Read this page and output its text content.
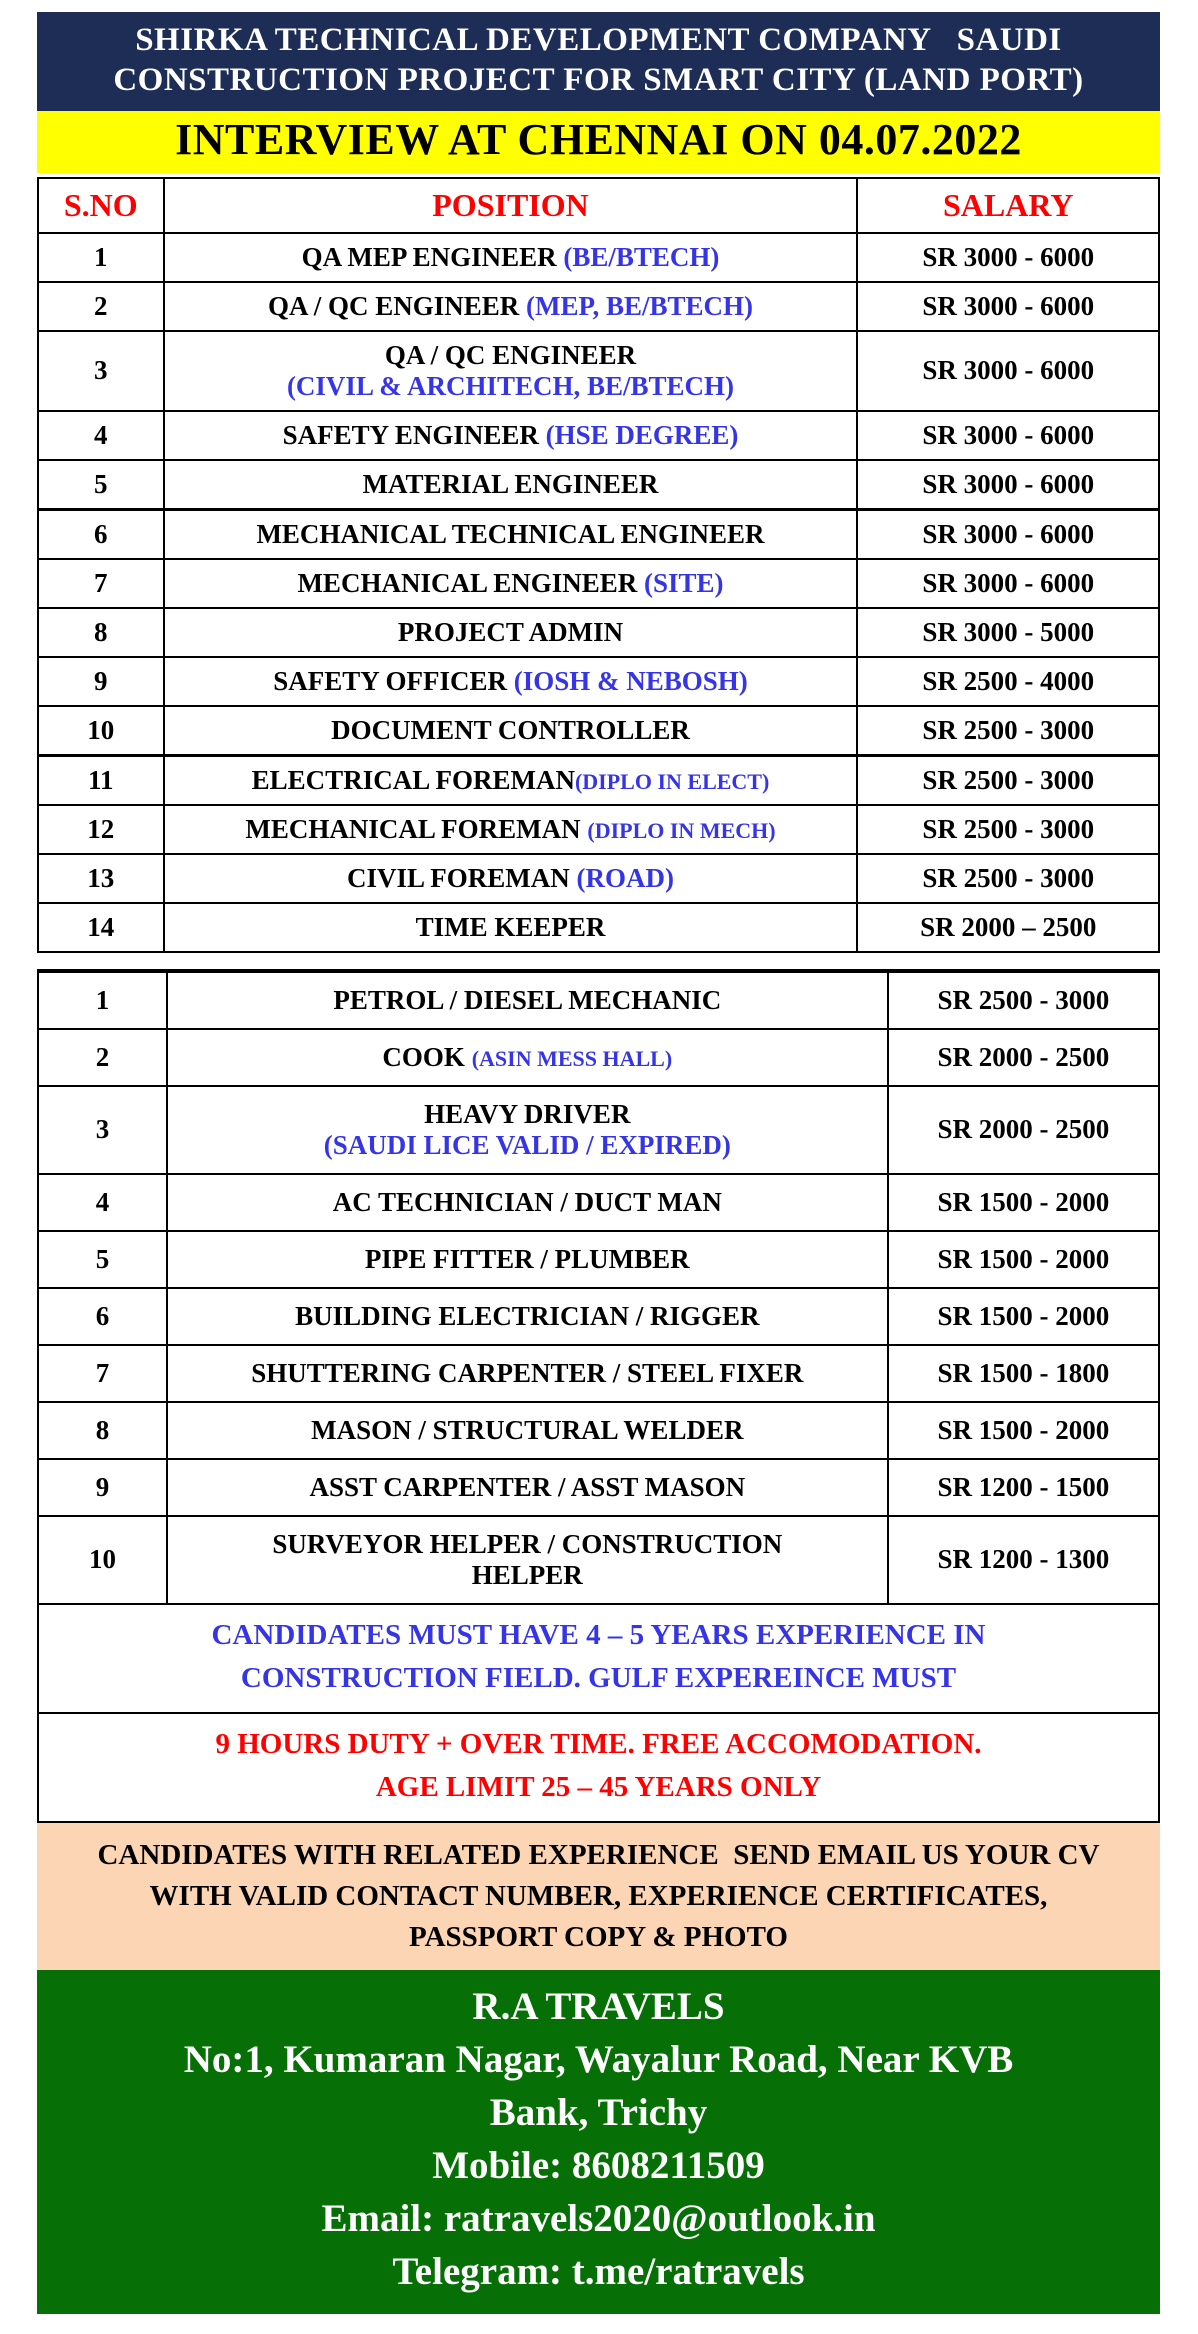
SHIRKA TECHNICAL DEVELOPMENT COMPANY   SAUDI
CONSTRUCTION PROJECT FOR SMART CITY (LAND PORT)
INTERVIEW AT CHENNAI ON 04.07.2022
S.NO	POSITION	SALARY
1	QA MEP ENGINEER (BE/BTECH)	SR 3000 - 6000
2	QA / QC ENGINEER (MEP, BE/BTECH)	SR 3000 - 6000
3	QA / QC ENGINEER
(CIVIL & ARCHITECH, BE/BTECH)	SR 3000 - 6000
4	SAFETY ENGINEER (HSE DEGREE)	SR 3000 - 6000
5	MATERIAL ENGINEER	SR 3000 - 6000
6	MECHANICAL TECHNICAL ENGINEER	SR 3000 - 6000
7	MECHANICAL ENGINEER (SITE)	SR 3000 - 6000
8	PROJECT ADMIN	SR 3000 - 5000
9	SAFETY OFFICER (IOSH & NEBOSH)	SR 2500 - 4000
10	DOCUMENT CONTROLLER	SR 2500 - 3000
11	ELECTRICAL FOREMAN(DIPLO IN ELECT)	SR 2500 - 3000
12	MECHANICAL FOREMAN (DIPLO IN MECH)	SR 2500 - 3000
13	CIVIL FOREMAN (ROAD)	SR 2500 - 3000
14	TIME KEEPER	SR 2000 – 2500
1	PETROL / DIESEL MECHANIC	SR 2500 - 3000
2	COOK (ASIN MESS HALL)	SR 2000 - 2500
3	HEAVY DRIVER
(SAUDI LICE VALID / EXPIRED)	SR 2000 - 2500
4	AC TECHNICIAN / DUCT MAN	SR 1500 - 2000
5	PIPE FITTER / PLUMBER	SR 1500 - 2000
6	BUILDING ELECTRICIAN / RIGGER	SR 1500 - 2000
7	SHUTTERING CARPENTER / STEEL FIXER	SR 1500 - 1800
8	MASON / STRUCTURAL WELDER	SR 1500 - 2000
9	ASST CARPENTER / ASST MASON	SR 1200 - 1500
10	SURVEYOR HELPER / CONSTRUCTION
HELPER	SR 1200 - 1300
CANDIDATES MUST HAVE 4 – 5 YEARS EXPERIENCE IN
CONSTRUCTION FIELD. GULF EXPEREINCE MUST
9 HOURS DUTY + OVER TIME. FREE ACCOMODATION.
AGE LIMIT 25 – 45 YEARS ONLY
CANDIDATES WITH RELATED EXPERIENCE  SEND EMAIL US YOUR CV
WITH VALID CONTACT NUMBER, EXPERIENCE CERTIFICATES,
PASSPORT COPY & PHOTO
R.A TRAVELS
No:1, Kumaran Nagar, Wayalur Road, Near KVB
Bank, Trichy
Mobile: 8608211509
Email: ratravels2020@outlook.in
Telegram: t.me/ratravels
